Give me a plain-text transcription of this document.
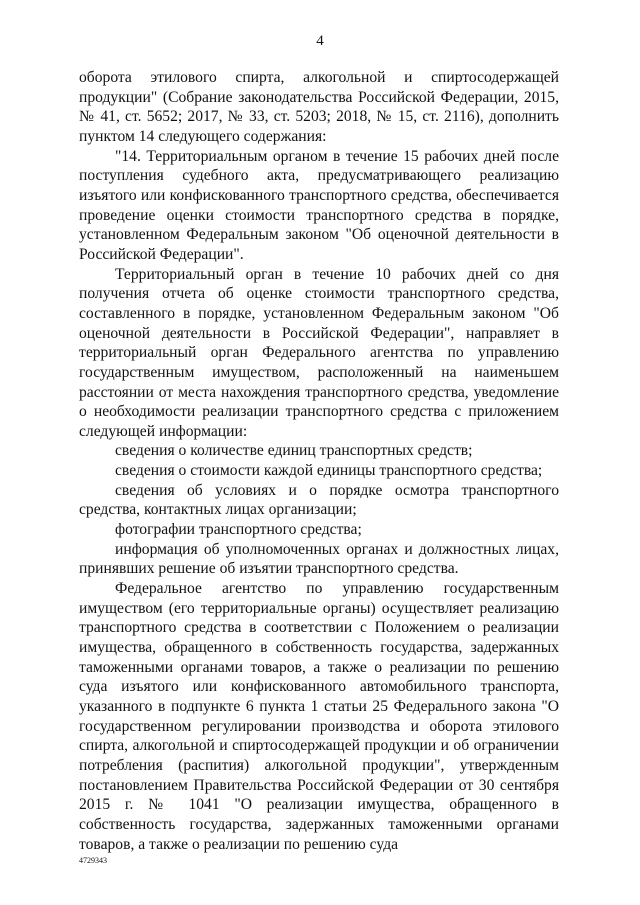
4

оборота этилового спирта, алкогольной и спиртосодержащей продукции" (Собрание законодательства Российской Федерации, 2015, № 41, ст. 5652; 2017, № 33, ст. 5203; 2018, № 15, ст. 2116), дополнить пунктом 14 следующего содержания:

"14. Территориальным органом в течение 15 рабочих дней после поступления судебного акта, предусматривающего реализацию изъятого или конфискованного транспортного средства, обеспечивается проведение оценки стоимости транспортного средства в порядке, установленном Федеральным законом "Об оценочной деятельности в Российской Федерации".

Территориальный орган в течение 10 рабочих дней со дня получения отчета об оценке стоимости транспортного средства, составленного в порядке, установленном Федеральным законом "Об оценочной деятельности в Российской Федерации", направляет в территориальный орган Федерального агентства по управлению государственным имуществом, расположенный на наименьшем расстоянии от места нахождения транспортного средства, уведомление о необходимости реализации транспортного средства с приложением следующей информации:

сведения о количестве единиц транспортных средств;

сведения о стоимости каждой единицы транспортного средства;

сведения об условиях и о порядке осмотра транспортного средства, контактных лицах организации;

фотографии транспортного средства;

информация об уполномоченных органах и должностных лицах, принявших решение об изъятии транспортного средства.

Федеральное агентство по управлению государственным имуществом (его территориальные органы) осуществляет реализацию транспортного средства в соответствии с Положением о реализации имущества, обращенного в собственность государства, задержанных таможенными органами товаров, а также о реализации по решению суда изъятого или конфискованного автомобильного транспорта, указанного в подпункте 6 пункта 1 статьи 25 Федерального закона "О государственном регулировании производства и оборота этилового спирта, алкогольной и спиртосодержащей продукции и об ограничении потребления (распития) алкогольной продукции", утвержденным постановлением Правительства Российской Федерации от 30 сентября 2015 г. № 1041 "О реализации имущества, обращенного в собственность государства, задержанных таможенными органами товаров, а также о реализации по решению суда

4729343
